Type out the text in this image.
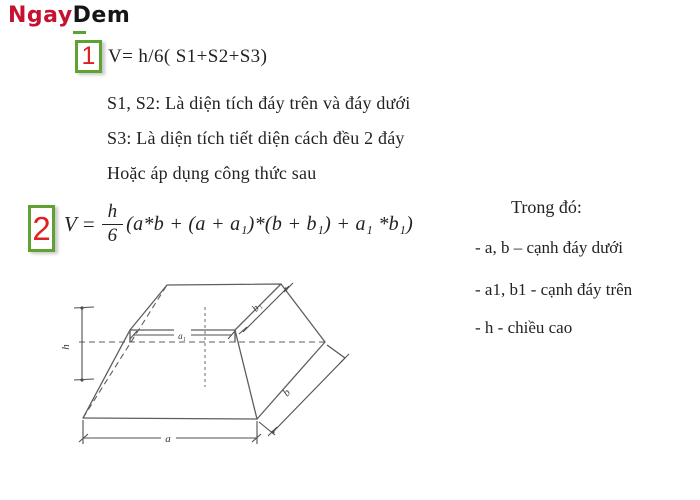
NgayDem
1 V= h/6( S1+S2+S3)
S1, S2: Là diện tích đáy trên và đáy dưới
S3: Là diện tích tiết diện cách đều 2 đáy
Hoặc áp dụng công thức sau
2 $V = \frac{h}{6} (a*b + (a + a_1)*(b + b_1) + a_1$ *b₁)
Trong đó:
- a, b – cạnh đáy dưới
- a1, b1 - cạnh đáy trên
- h - chiều cao
h
a
a₁
b₁
b
